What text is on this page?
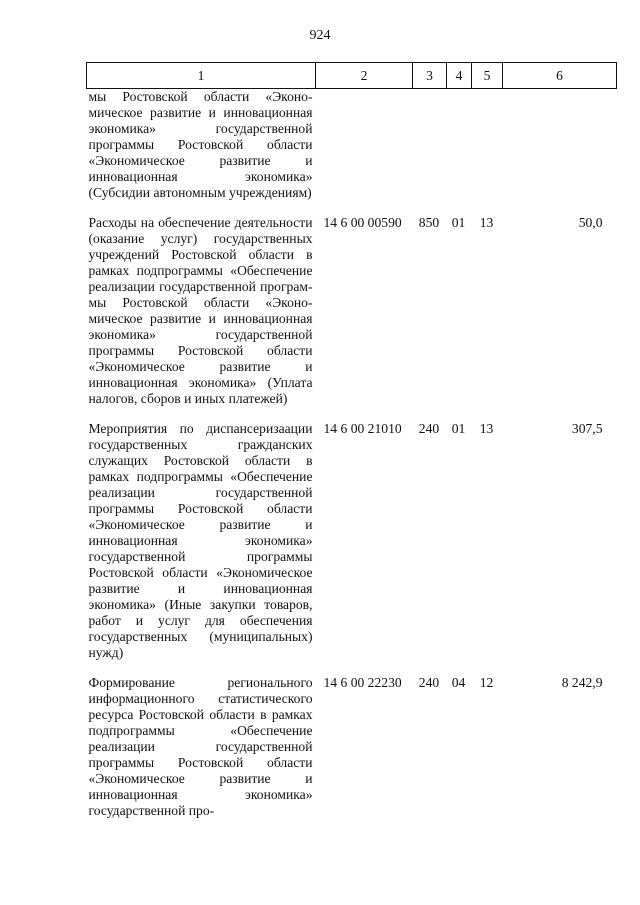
924
1	2	3	4	5	6
мы Ростовской области «Экономическое развитие и инновационная экономика» государственной программы Ростовской области «Экономическое развитие и инновационная экономика» (Субсидии автономным учреждениям)					
Расходы на обеспечение деятельности (оказание услуг) государственных учреждений Ростовской области в рамках подпрограммы «Обеспечение реализации государственной программы Ростовской области «Экономическое развитие и инновационная экономика» государственной программы Ростовской области «Экономическое развитие и инновационная экономика» (Уплата налогов, сборов и иных платежей)	14 6 00 00590	850	01	13	50,0
Мероприятия по диспансеризаации государственных гражданских служащих Ростовской области в рамках подпрограммы «Обеспечение реализации государственной программы Ростовской области «Экономическое развитие и инновационная экономика» государственной программы Ростовской области «Экономическое развитие и инновационная экономика» (Иные закупки товаров, работ и услуг для обеспечения государственных (муниципальных) нужд)	14 6 00 21010	240	01	13	307,5
Формирование регионального информационного статистического ресурса Ростовской области в рамках подпрограммы «Обеспечение реализации государственной программы Ростовской области «Экономическое развитие и инновационная экономика» государственной про-	14 6 00 22230	240	04	12	8 242,9
